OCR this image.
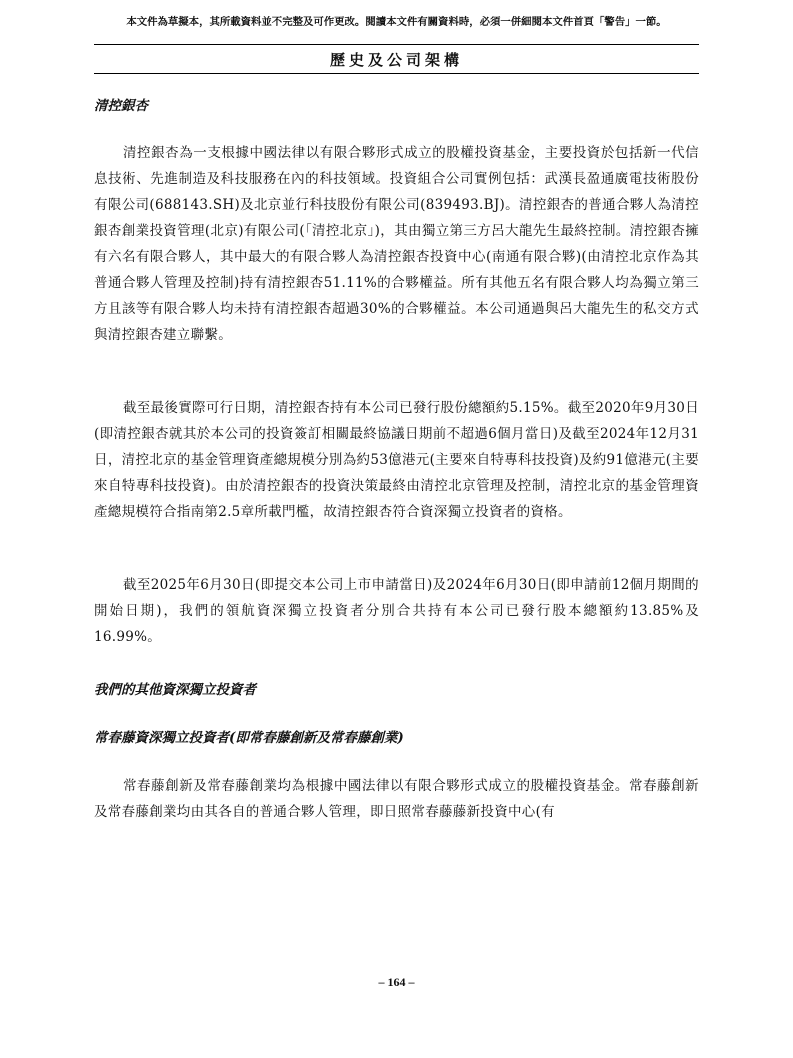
本文件為草擬本，其所載資料並不完整及可作更改。閱讀本文件有關資料時，必須一併細閱本文件首頁「警告」一節。
歷史及公司架構
清控銀杏
清控銀杏為一支根據中國法律以有限合夥形式成立的股權投資基金，主要投資於包括新一代信息技術、先進制造及科技服務在內的科技領域。投資組合公司實例包括：武漢長盈通廣電技術股份有限公司(688143.SH)及北京並行科技股份有限公司(839493.BJ)。清控銀杏的普通合夥人為清控銀杏創業投資管理(北京)有限公司(「清控北京」)，其由獨立第三方呂大龍先生最終控制。清控銀杏擁有六名有限合夥人，其中最大的有限合夥人為清控銀杏投資中心(南通有限合夥)(由清控北京作為其普通合夥人管理及控制)持有清控銀杏51.11%的合夥權益。所有其他五名有限合夥人均為獨立第三方且該等有限合夥人均未持有清控銀杏超過30%的合夥權益。本公司通過與呂大龍先生的私交方式與清控銀杏建立聯繫。
截至最後實際可行日期，清控銀杏持有本公司已發行股份總額約5.15%。截至2020年9月30日(即清控銀杏就其於本公司的投資簽訂相關最終協議日期前不超過6個月當日)及截至2024年12月31日，清控北京的基金管理資產總規模分別為約53億港元(主要來自特專科技投資)及約91億港元(主要來自特專科技投資)。由於清控銀杏的投資決策最終由清控北京管理及控制，清控北京的基金管理資產總規模符合指南第2.5章所載門檻，故清控銀杏符合資深獨立投資者的資格。
截至2025年6月30日(即提交本公司上市申請當日)及2024年6月30日(即申請前12個月期間的開始日期)，我們的領航資深獨立投資者分別合共持有本公司已發行股本總額約13.85%及16.99%。
我們的其他資深獨立投資者
常春藤資深獨立投資者(即常春藤創新及常春藤創業)
常春藤創新及常春藤創業均為根據中國法律以有限合夥形式成立的股權投資基金。常春藤創新及常春藤創業均由其各自的普通合夥人管理，即日照常春藤藤新投資中心(有
– 164 –
